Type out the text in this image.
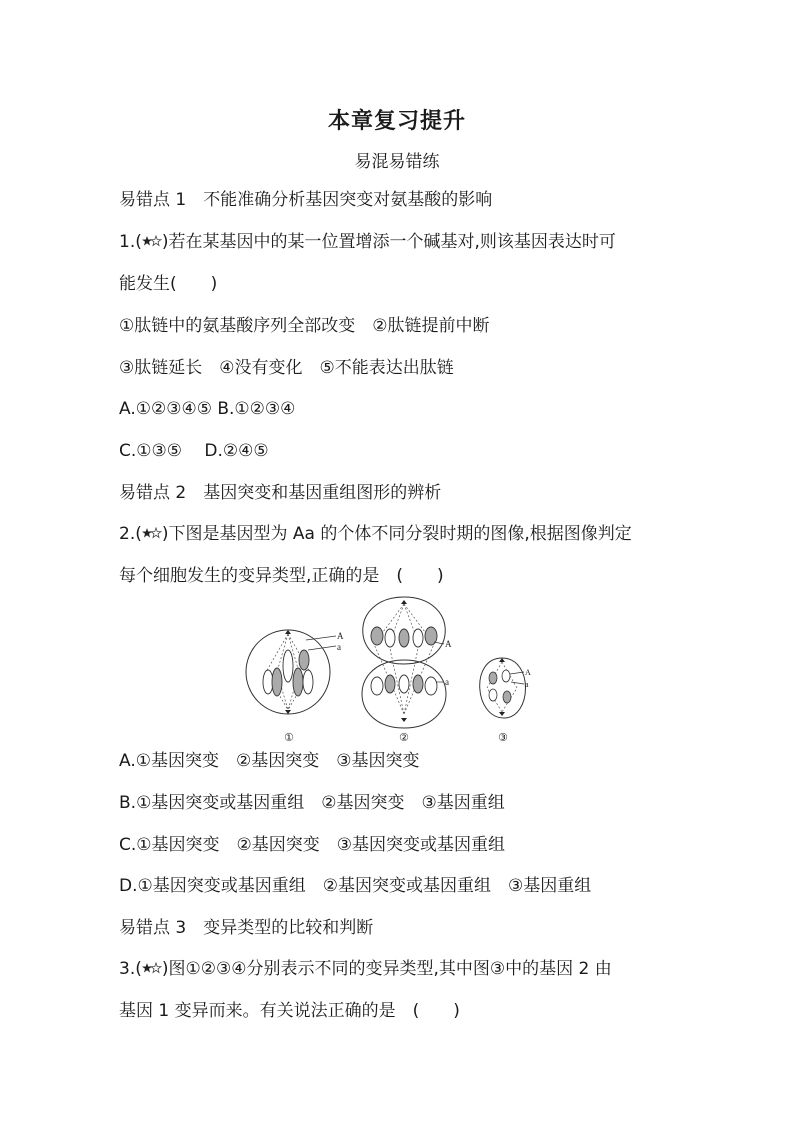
本章复习提升
易混易错练
易错点 1　不能准确分析基因突变对氨基酸的影响
1.( )若在某基因中的某一位置增添一个碱基对,则该基因表达时可
能发生(　　)
①肽链中的氨基酸序列全部改变　②肽链提前中断
③肽链延长　④没有变化　⑤不能表达出肽链
A.①②③④⑤ B.①②③④
C.①③⑤　 D.②④⑤
易错点 2　基因突变和基因重组图形的辨析
2.( )下图是基因型为 Aa 的个体不同分裂时期的图像,根据图像判定
每个细胞发生的变异类型,正确的是　(　　)
A
a
①
A
a
②
A
a
③
A.①基因突变　②基因突变　③基因突变
B.①基因突变或基因重组　②基因突变　③基因重组
C.①基因突变　②基因突变　③基因突变或基因重组
D.①基因突变或基因重组　②基因突变或基因重组　③基因重组
易错点 3　变异类型的比较和判断
3.( )图①②③④分别表示不同的变异类型,其中图③中的基因 2 由
基因 1 变异而来。有关说法正确的是　(　　)
